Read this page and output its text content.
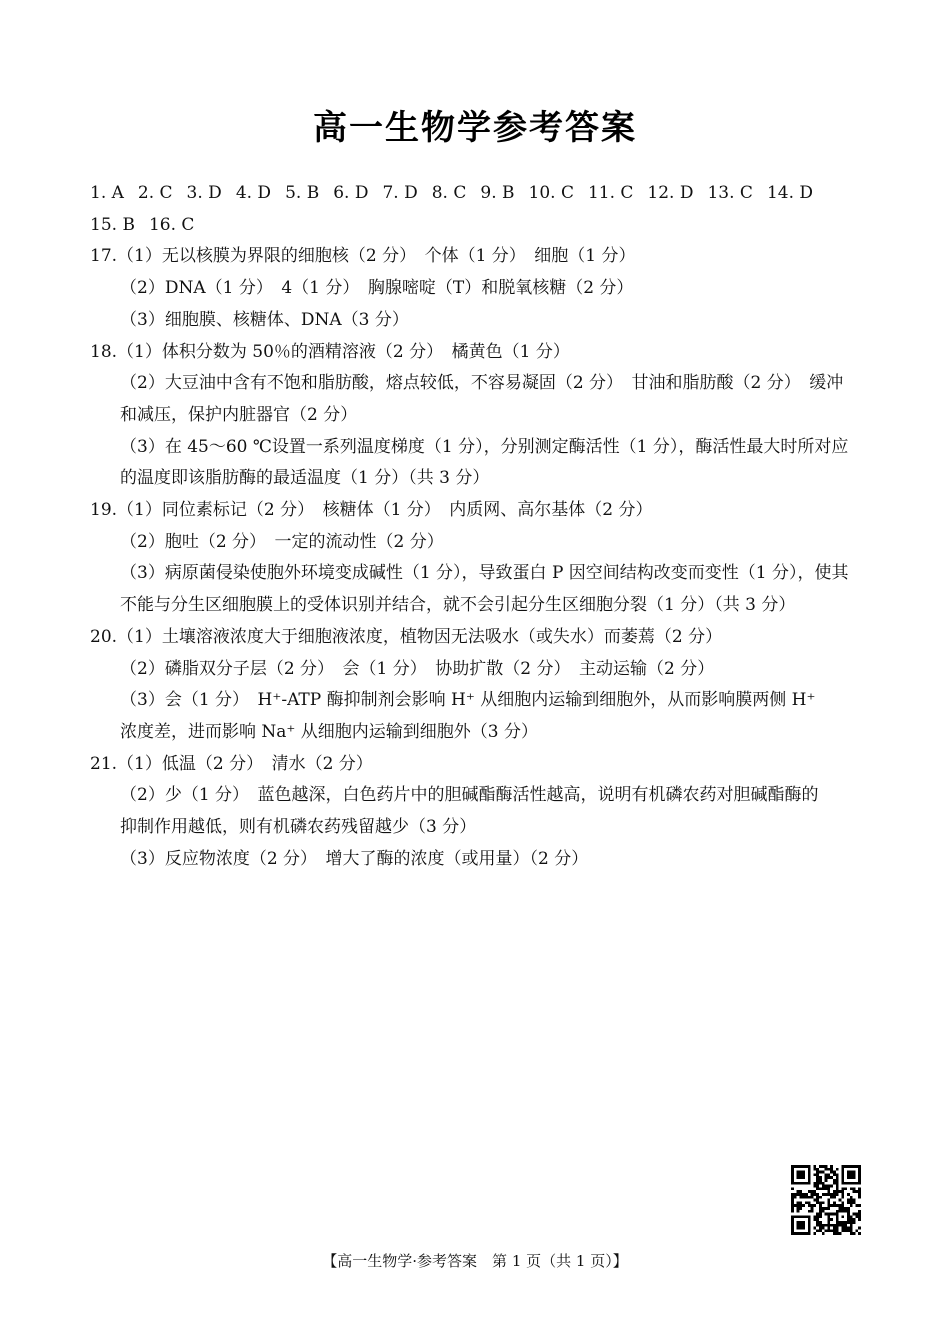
高一生物学参考答案
1. A 2. C 3. D 4. D 5. B 6. D 7. D 8. C 9. B 10. C 11. C 12. D 13. C 14. D
15. B 16. C
17.（1）无以核膜为界限的细胞核（2 分）　个体（1 分）　细胞（1 分）
（2）DNA（1 分）　4（1 分）　胸腺嘧啶（T）和脱氧核糖（2 分）
（3）细胞膜、核糖体、DNA（3 分）
18.（1）体积分数为 50％的酒精溶液（2 分）　橘黄色（1 分）
（2）大豆油中含有不饱和脂肪酸，熔点较低，不容易凝固（2 分）　甘油和脂肪酸（2 分）　缓冲
和减压，保护内脏器官（2 分）
（3）在 45～60 ℃设置一系列温度梯度（1 分），分别测定酶活性（1 分），酶活性最大时所对应
的温度即该脂肪酶的最适温度（1 分）（共 3 分）
19.（1）同位素标记（2 分）　核糖体（1 分）　内质网、高尔基体（2 分）
（2）胞吐（2 分）　一定的流动性（2 分）
（3）病原菌侵染使胞外环境变成碱性（1 分），导致蛋白 P 因空间结构改变而变性（1 分），使其
不能与分生区细胞膜上的受体识别并结合，就不会引起分生区细胞分裂（1 分）（共 3 分）
20.（1）土壤溶液浓度大于细胞液浓度，植物因无法吸水（或失水）而萎蔫（2 分）
（2）磷脂双分子层（2 分）　会（1 分）　协助扩散（2 分）　主动运输（2 分）
（3）会（1 分）　H⁺-ATP 酶抑制剂会影响 H⁺ 从细胞内运输到细胞外，从而影响膜两侧 H⁺
浓度差，进而影响 Na⁺ 从细胞内运输到细胞外（3 分）
21.（1）低温（2 分）　清水（2 分）
（2）少（1 分）　蓝色越深，白色药片中的胆碱酯酶活性越高，说明有机磷农药对胆碱酯酶的
抑制作用越低，则有机磷农药残留越少（3 分）
（3）反应物浓度（2 分）　增大了酶的浓度（或用量）（2 分）
【高一生物学·参考答案　第 1 页（共 1 页）】
